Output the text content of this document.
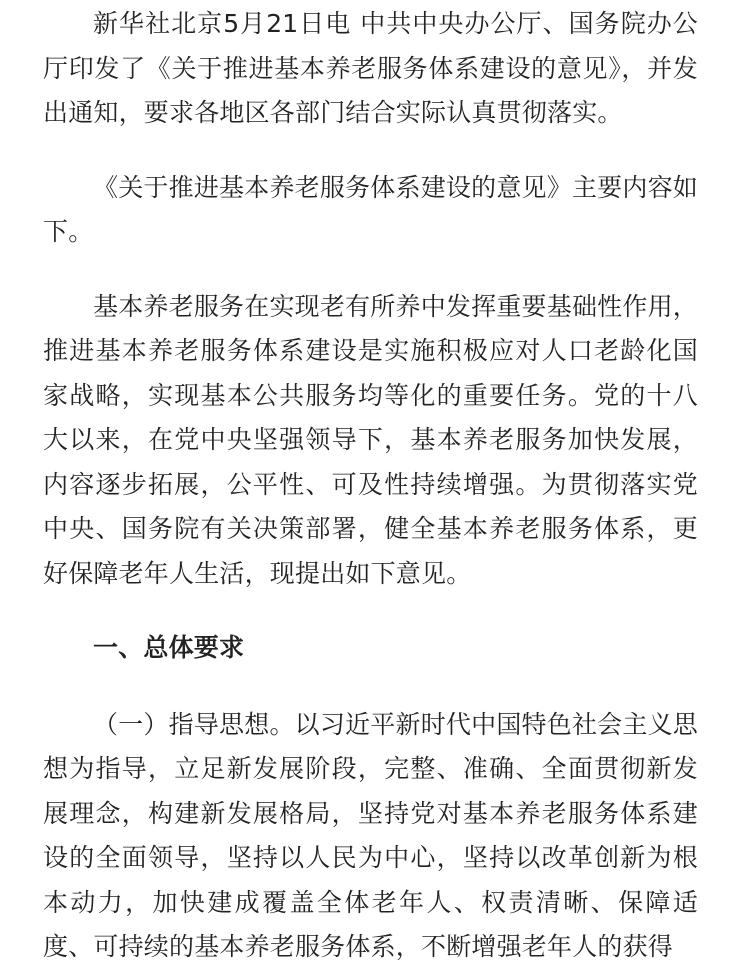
新华社北京5月21日电 中共中央办公厅、国务院办公厅印发了《关于推进基本养老服务体系建设的意见》，并发出通知，要求各地区各部门结合实际认真贯彻落实。

《关于推进基本养老服务体系建设的意见》主要内容如下。

基本养老服务在实现老有所养中发挥重要基础性作用，推进基本养老服务体系建设是实施积极应对人口老龄化国家战略，实现基本公共服务均等化的重要任务。党的十八大以来，在党中央坚强领导下，基本养老服务加快发展，内容逐步拓展，公平性、可及性持续增强。为贯彻落实党中央、国务院有关决策部署，健全基本养老服务体系，更好保障老年人生活，现提出如下意见。

一、总体要求

（一）指导思想。以习近平新时代中国特色社会主义思想为指导，立足新发展阶段，完整、准确、全面贯彻新发展理念，构建新发展格局，坚持党对基本养老服务体系建设的全面领导，坚持以人民为中心，坚持以改革创新为根本动力，加快建成覆盖全体老年人、权责清晰、保障适度、可持续的基本养老服务体系，不断增强老年人的获得
